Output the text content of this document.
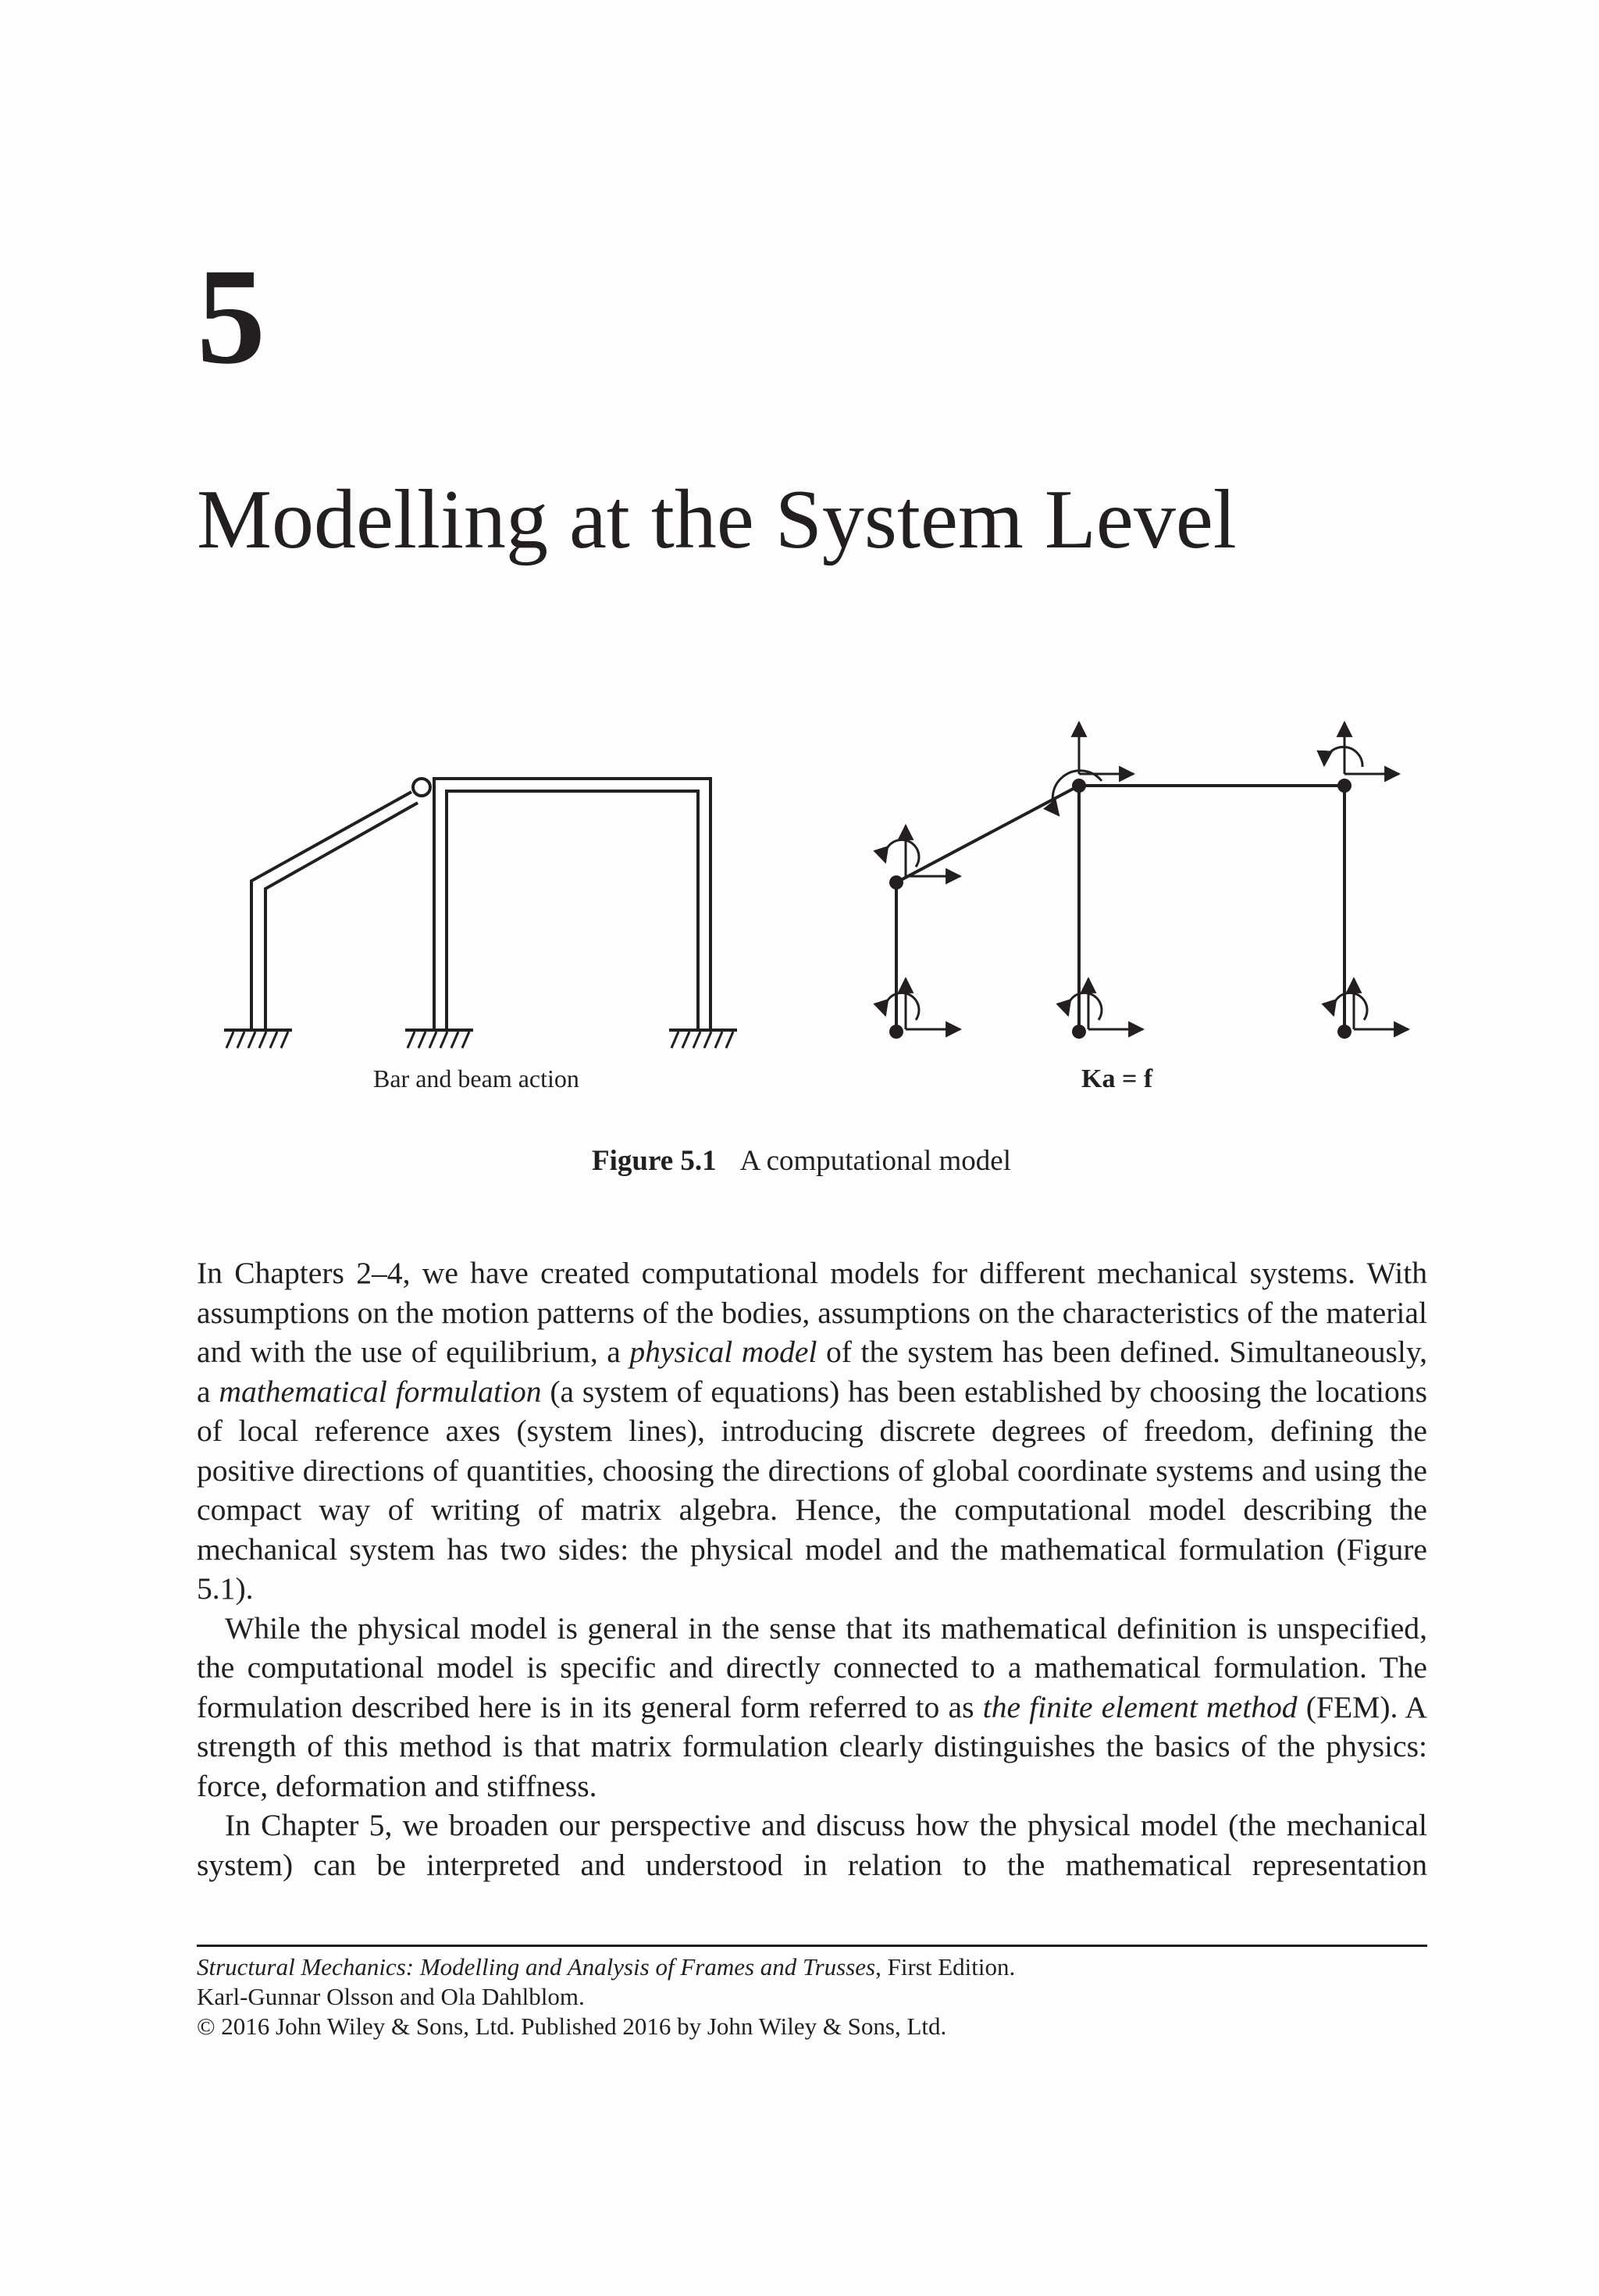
5
Modelling at the System Level
Bar and beam action	Ka = f
Figure 5.1 A computational model

In Chapters 2–4, we have created computational models for different mechanical systems. With assumptions on the motion patterns of the bodies, assumptions on the characteristics of the material and with the use of equilibrium, a physical model of the system has been defined. Simultaneously, a mathematical formulation (a system of equations) has been established by choosing the locations of local reference axes (system lines), introducing discrete degrees of freedom, defining the positive directions of quantities, choosing the directions of global coordinate systems and using the compact way of writing of matrix algebra. Hence, the computational model describing the mechanical system has two sides: the physical model and the mathematical formulation (Figure 5.1).

While the physical model is general in the sense that its mathematical definition is unspecified, the computational model is specific and directly connected to a mathematical formulation. The formulation described here is in its general form referred to as the finite element method (FEM). A strength of this method is that matrix formulation clearly distinguishes the basics of the physics: force, deformation and stiffness.

In Chapter 5, we broaden our perspective and discuss how the physical model (the mechanical system) can be interpreted and understood in relation to the mathematical representation

Structural Mechanics: Modelling and Analysis of Frames and Trusses, First Edition.
Karl-Gunnar Olsson and Ola Dahlblom.
© 2016 John Wiley & Sons, Ltd. Published 2016 by John Wiley & Sons, Ltd.
